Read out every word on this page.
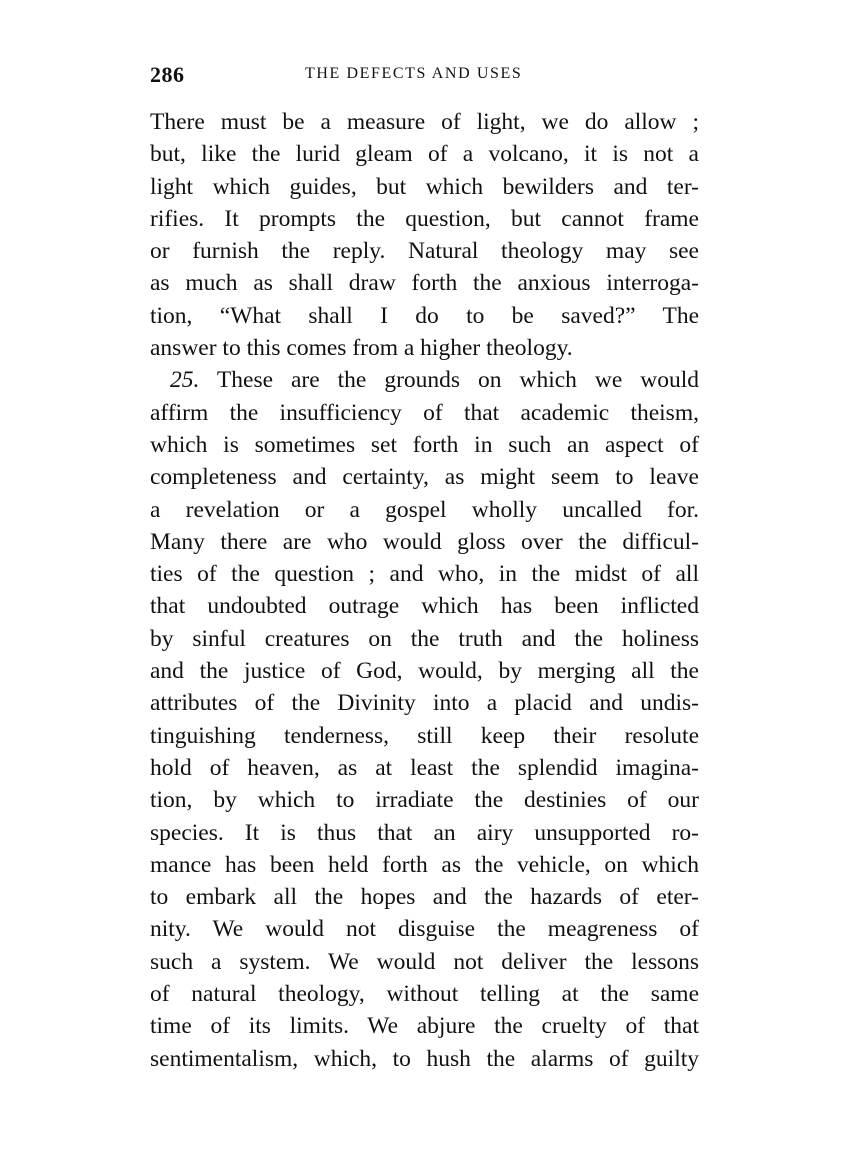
286	THE DEFECTS AND USES
There must be a measure of light, we do allow ;
but, like the lurid gleam of a volcano, it is not a
light which guides, but which bewilders and ter-
rifies. It prompts the question, but cannot frame
or furnish the reply. Natural theology may see
as much as shall draw forth the anxious interroga-
tion, “What shall I do to be saved?” The
answer to this comes from a higher theology.
25. These are the grounds on which we would
affirm the insufficiency of that academic theism,
which is sometimes set forth in such an aspect of
completeness and certainty, as might seem to leave
a revelation or a gospel wholly uncalled for.
Many there are who would gloss over the difficul-
ties of the question ; and who, in the midst of all
that undoubted outrage which has been inflicted
by sinful creatures on the truth and the holiness
and the justice of God, would, by merging all the
attributes of the Divinity into a placid and undis-
tinguishing tenderness, still keep their resolute
hold of heaven, as at least the splendid imagina-
tion, by which to irradiate the destinies of our
species. It is thus that an airy unsupported ro-
mance has been held forth as the vehicle, on which
to embark all the hopes and the hazards of eter-
nity. We would not disguise the meagreness of
such a system. We would not deliver the lessons
of natural theology, without telling at the same
time of its limits. We abjure the cruelty of that
sentimentalism, which, to hush the alarms of guilty
